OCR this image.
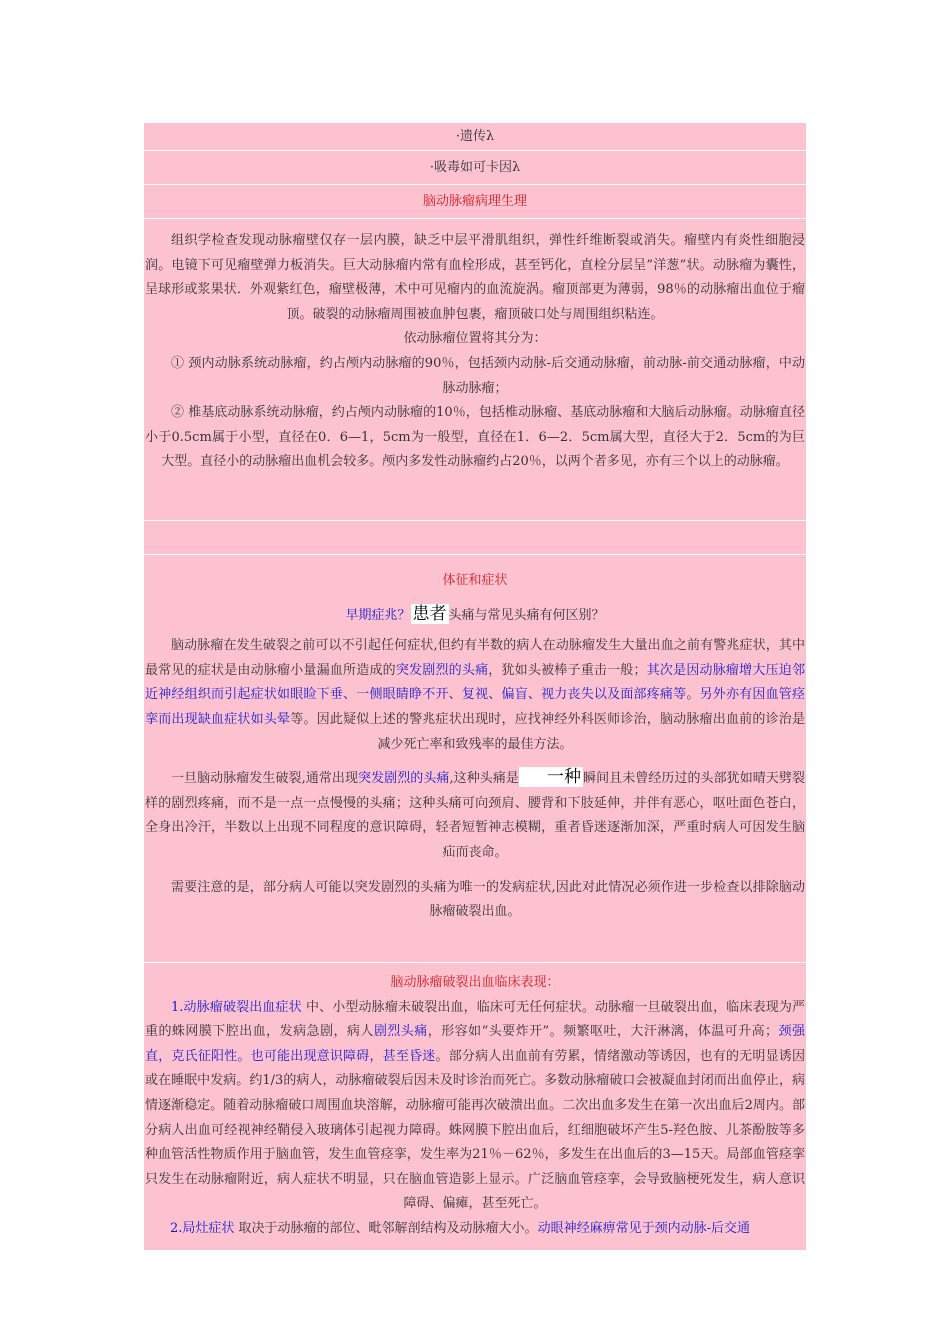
·遗传λ
·吸毒如可卡因λ
脑动脉瘤病理生理
组织学检查发现动脉瘤壁仅存一层内膜，缺乏中层平滑肌组织，弹性纤维断裂或消失。瘤壁内有炎性细胞浸润。电镜下可见瘤壁弹力板消失。巨大动脉瘤内常有血栓形成，甚至钙化，直栓分层呈”洋葱”状。动脉瘤为囊性，呈球形或浆果状．外观紫红色，瘤壁极薄，术中可见瘤内的血流旋涡。瘤顶部更为薄弱，98％的动脉瘤出血位于瘤顶。破裂的动脉瘤周围被血肿包裹，瘤顶破口处与周围组织粘连。
依动脉瘤位置将其分为：
① 颈内动脉系统动脉瘤，约占颅内动脉瘤的90％，包括颈内动脉-后交通动脉瘤，前动脉-前交通动脉瘤，中动脉动脉瘤；
② 椎基底动脉系统动脉瘤，约占颅内动脉瘤的10％，包括椎动脉瘤、基底动脉瘤和大脑后动脉瘤。动脉瘤直径小于0.5cm属于小型，直径在0．6—1，5cm为一般型，直径在1．6—2．5cm属大型，直径大于2．5cm的为巨大型。直径小的动脉瘤出血机会较多。颅内多发性动脉瘤约占20％，以两个者多见，亦有三个以上的动脉瘤。
体征和症状
早期症兆？ 患者 头痛与常见头痛有何区别？
脑动脉瘤在发生破裂之前可以不引起任何症状,但约有半数的病人在动脉瘤发生大量出血之前有警兆症状，其中最常见的症状是由动脉瘤小量漏血所造成的突发剧烈的头痛，犹如头被棒子重击一般；其次是因动脉瘤增大压迫邻近神经组织而引起症状如眼睑下垂、一侧眼睛睁不开、复视、偏盲、视力丧失以及面部疼痛等。另外亦有因血管痉挛而出现缺血症状如头晕等。因此疑似上述的警兆症状出现时，应找神经外科医师诊治，脑动脉瘤出血前的诊治是减少死亡率和致残率的最佳方法。
一旦脑动脉瘤发生破裂,通常出现突发剧烈的头痛,这种头痛是 一种 瞬间且未曾经历过的头部犹如晴天劈裂样的剧烈疼痛，而不是一点一点慢慢的头痛；这种头痛可向颈肩、腰背和下肢延伸，并伴有恶心，呕吐面色苍白，全身出冷汗，半数以上出现不同程度的意识障碍，轻者短暂神志模糊，重者昏迷逐渐加深，严重时病人可因发生脑疝而丧命。
需要注意的是，部分病人可能以突发剧烈的头痛为唯一的发病症状,因此对此情况必须作进一步检查以排除脑动脉瘤破裂出血。
脑动脉瘤破裂出血临床表现：
1.动脉瘤破裂出血症状 中、小型动脉瘤未破裂出血，临床可无任何症状。动脉瘤一旦破裂出血，临床表现为严重的蛛网膜下腔出血，发病急剧，病人剧烈头痛，形容如“头要炸开”。频繁呕吐，大汗淋漓，体温可升高；颈强直，克氏征阳性。也可能出现意识障碍，甚至昏迷。部分病人出血前有劳累，情绪激动等诱因，也有的无明显诱因或在睡眠中发病。约1/3的病人，动脉瘤破裂后因未及时诊治而死亡。多数动脉瘤破口会被凝血封闭而出血停止，病情逐渐稳定。随着动脉瘤破口周围血块溶解，动脉瘤可能再次破溃出血。二次出血多发生在第一次出血后2周内。部分病人出血可经视神经鞘侵入玻璃体引起视力障碍。蛛网膜下腔出血后，红细胞破坏产生5-羟色胺、儿茶酚胺等多种血管活性物质作用于脑血管，发生血管痉挛，发生率为21％－62％，多发生在出血后的3—15天。局部血管痉挛只发生在动脉瘤附近，病人症状不明显，只在脑血管造影上显示。广泛脑血管痉挛，会导致脑梗死发生，病人意识障碍、偏瘫，甚至死亡。
2.局灶症状 取决于动脉瘤的部位、毗邻解剖结构及动脉瘤大小。动眼神经麻痹常见于颈内动脉-后交通
